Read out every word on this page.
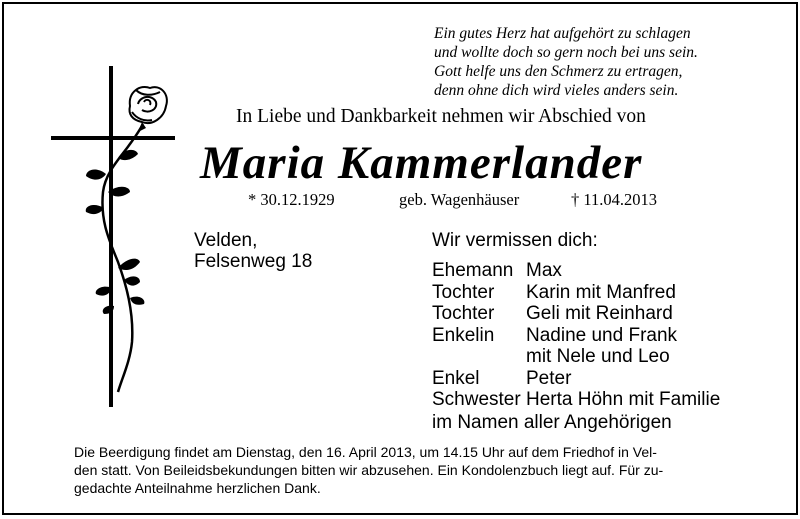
Ein gutes Herz hat aufgehört zu schlagen
und wollte doch so gern noch bei uns sein.
Gott helfe uns den Schmerz zu ertragen,
denn ohne dich wird vieles anders sein.
In Liebe und Dankbarkeit nehmen wir Abschied von
Maria Kammerlander
* 30.12.1929	geb. Wagenhäuser	† 11.04.2013
Velden,
Felsenweg 18
Wir vermissen dich:
Ehemann Max
Tochter	Karin mit Manfred
Tochter	Geli mit Reinhard
Enkelin	Nadine und Frank
mit Nele und Leo
Enkel	Peter
Schwester Herta Höhn mit Familie
im Namen aller Angehörigen
Die Beerdigung findet am Dienstag, den 16. April 2013, um 14.15 Uhr auf dem Friedhof in Vel-
den statt. Von Beileidsbekundungen bitten wir abzusehen. Ein Kondolenzbuch liegt auf. Für zu-
gedachte Anteilnahme herzlichen Dank.
